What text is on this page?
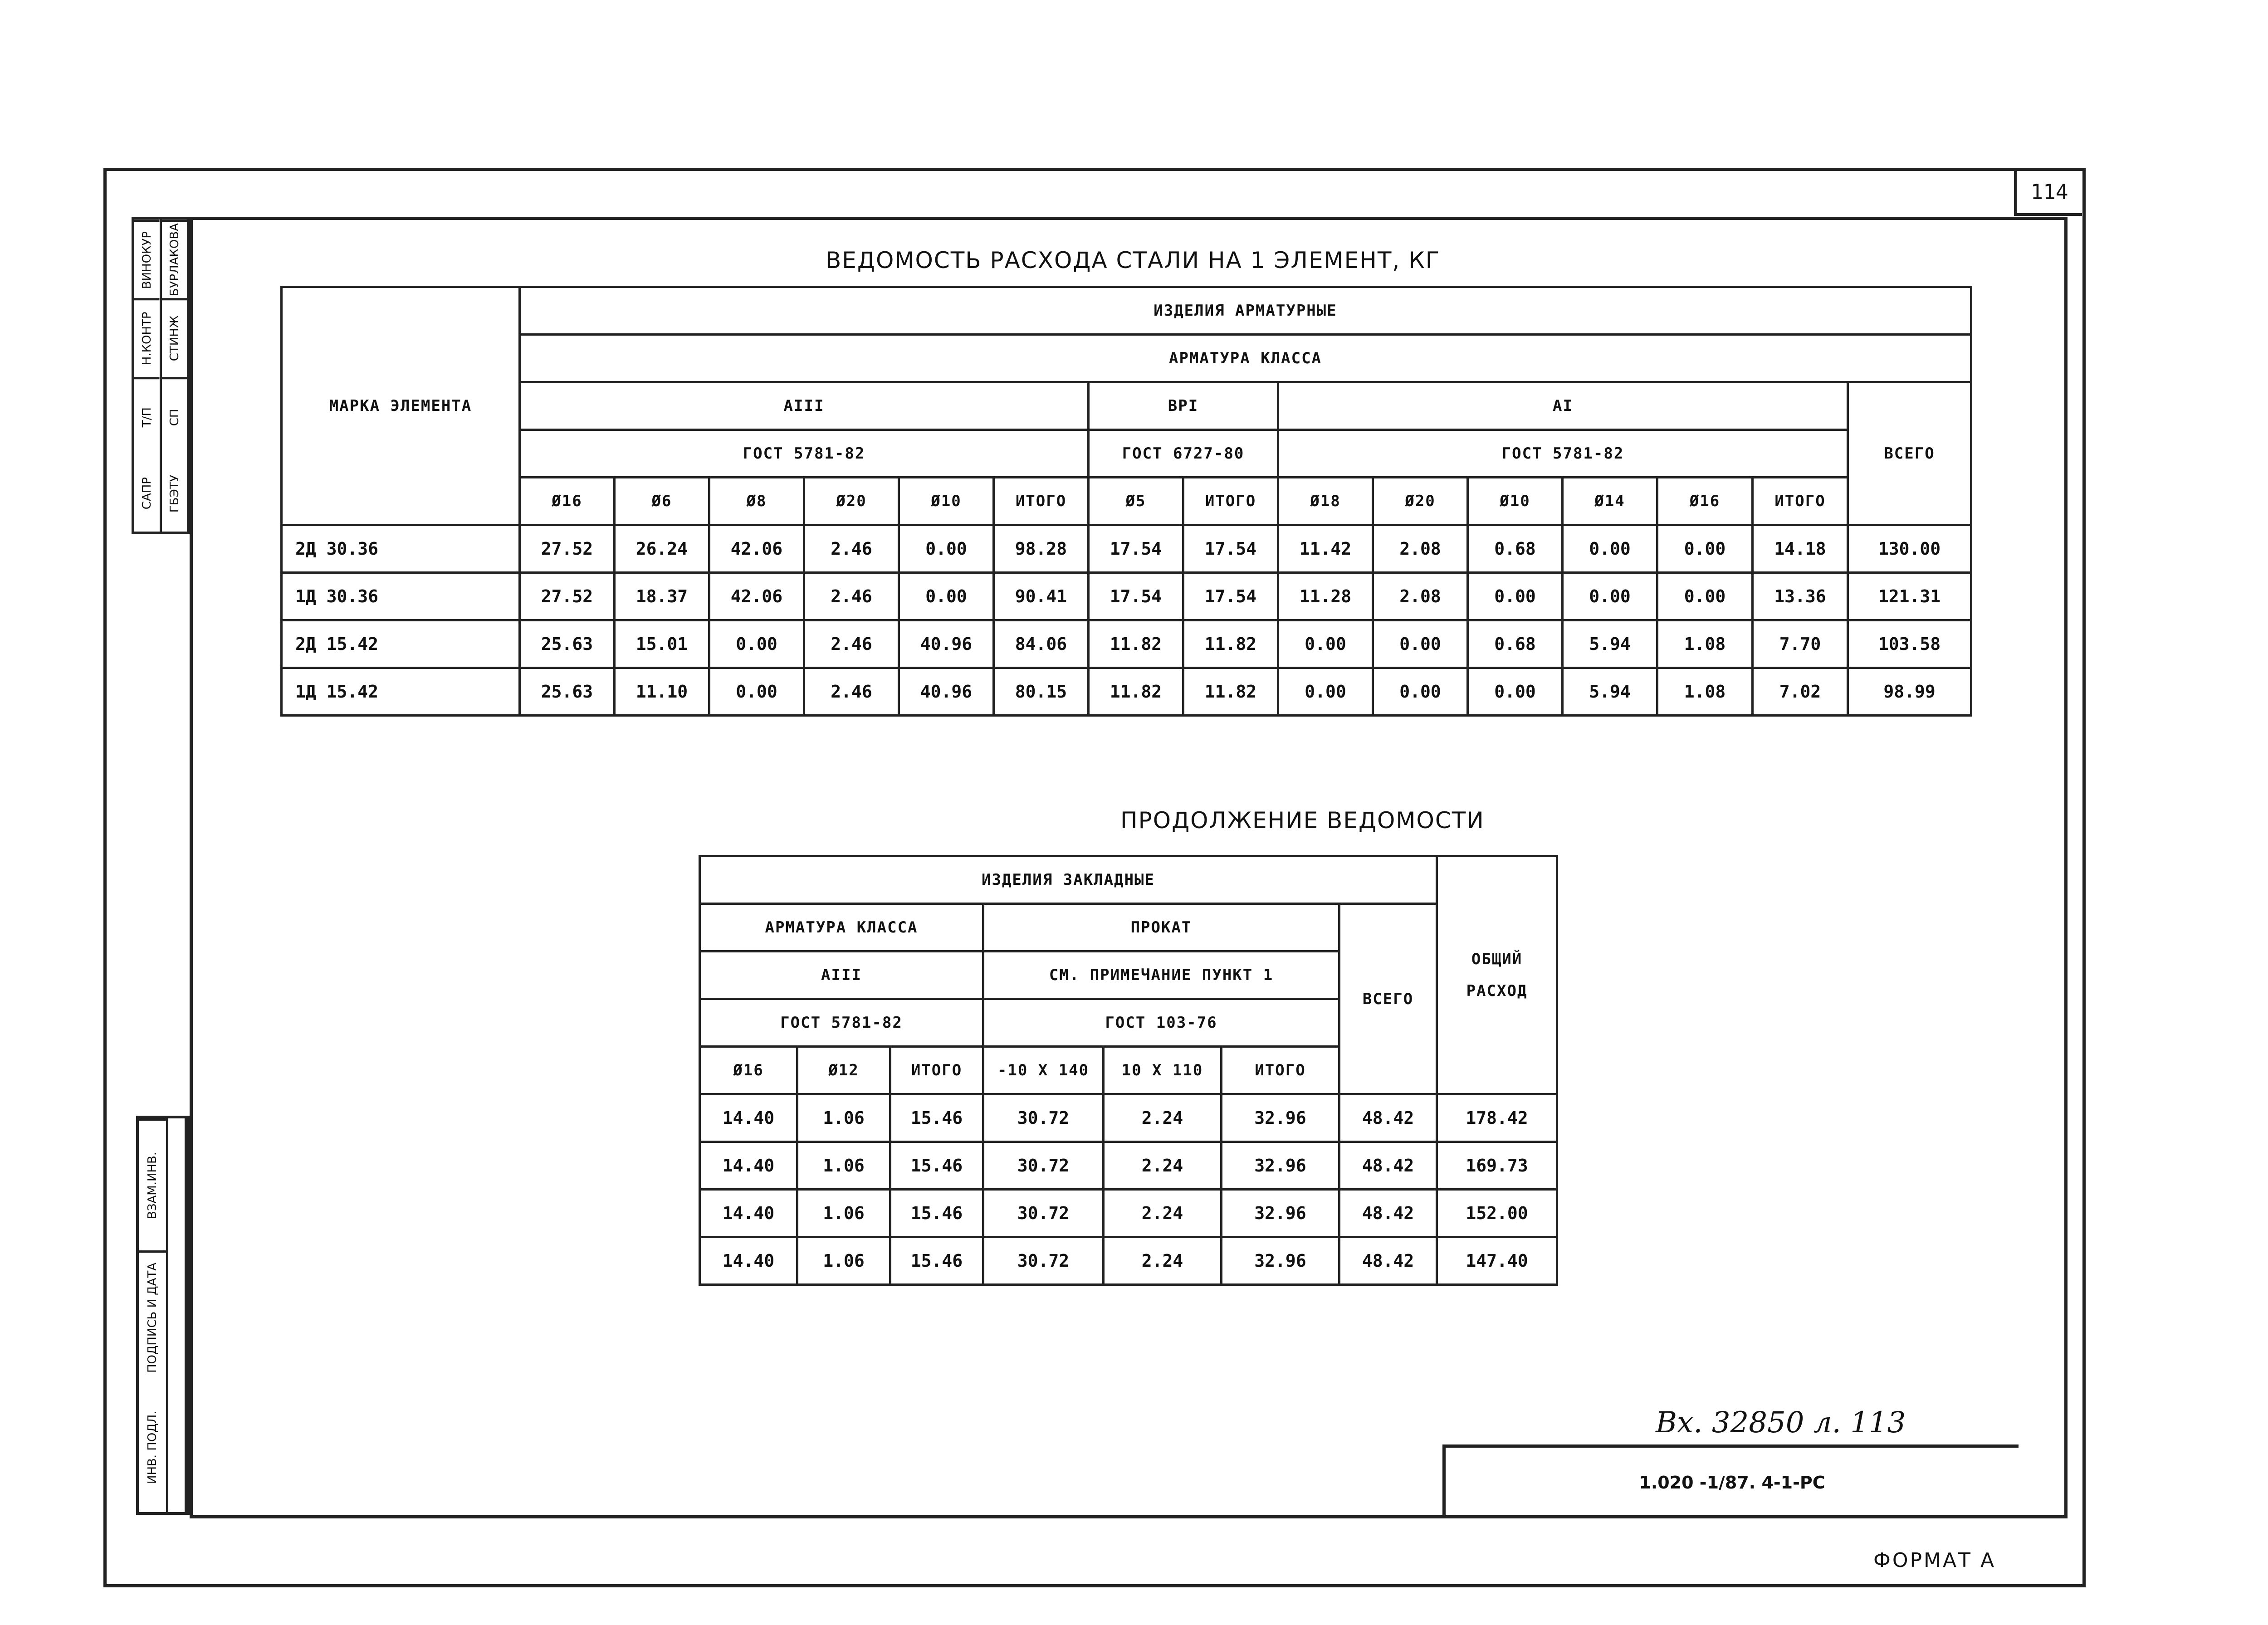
114
ВИНОКУР
Н.КОНТР
Т/П
САПР
БУРЛАКОВА
СТИНЖ
СП
ГБЭТУ
ВЗАМ.ИНВ.
ПОДПИСЬ И ДАТА
ИНВ. ПОДЛ.
ВЕДОМОСТЬ РАСХОДА СТАЛИ НА 1 ЭЛЕМЕНТ, КГ
МАРКА ЭЛЕМЕНТА	ИЗДЕЛИЯ АРМАТУРНЫЕ														
	АРМАТУРА КЛАССА														
	АIII						ВРI		АI						ВСЕГО
	ГОСТ 5781-82						ГОСТ 6727-80		ГОСТ 5781-82						
	Ø16	Ø6	Ø8	Ø20	Ø10	ИТОГО	Ø5	ИТОГО	Ø18	Ø20	Ø10	Ø14	Ø16	ИТОГО	
2Д 30.36	27.52	26.24	42.06	2.46	0.00	98.28	17.54	17.54	11.42	2.08	0.68	0.00	0.00	14.18	130.00
1Д 30.36	27.52	18.37	42.06	2.46	0.00	90.41	17.54	17.54	11.28	2.08	0.00	0.00	0.00	13.36	121.31
2Д 15.42	25.63	15.01	0.00	2.46	40.96	84.06	11.82	11.82	0.00	0.00	0.68	5.94	1.08	7.70	103.58
1Д 15.42	25.63	11.10	0.00	2.46	40.96	80.15	11.82	11.82	0.00	0.00	0.00	5.94	1.08	7.02	98.99
ПРОДОЛЖЕНИЕ ВЕДОМОСТИ
ИЗДЕЛИЯ ЗАКЛАДНЫЕ							ОБЩИЙ
РАСХОД

АРМАТУРА КЛАССА			ПРОКАТ			ВСЕГО	
АIII			СМ. ПРИМЕЧАНИЕ ПУНКТ 1				
ГОСТ 5781-82			ГОСТ 103-76				
Ø16	Ø12	ИТОГО	-10 Х 140	10 Х 110	ИТОГО		
14.40	1.06	15.46	30.72	2.24	32.96	48.42	178.42
14.40	1.06	15.46	30.72	2.24	32.96	48.42	169.73
14.40	1.06	15.46	30.72	2.24	32.96	48.42	152.00
14.40	1.06	15.46	30.72	2.24	32.96	48.42	147.40
Вх. 32850 л. 113
1.020 -1/87. 4-1-РС
ФОРМАТ А
